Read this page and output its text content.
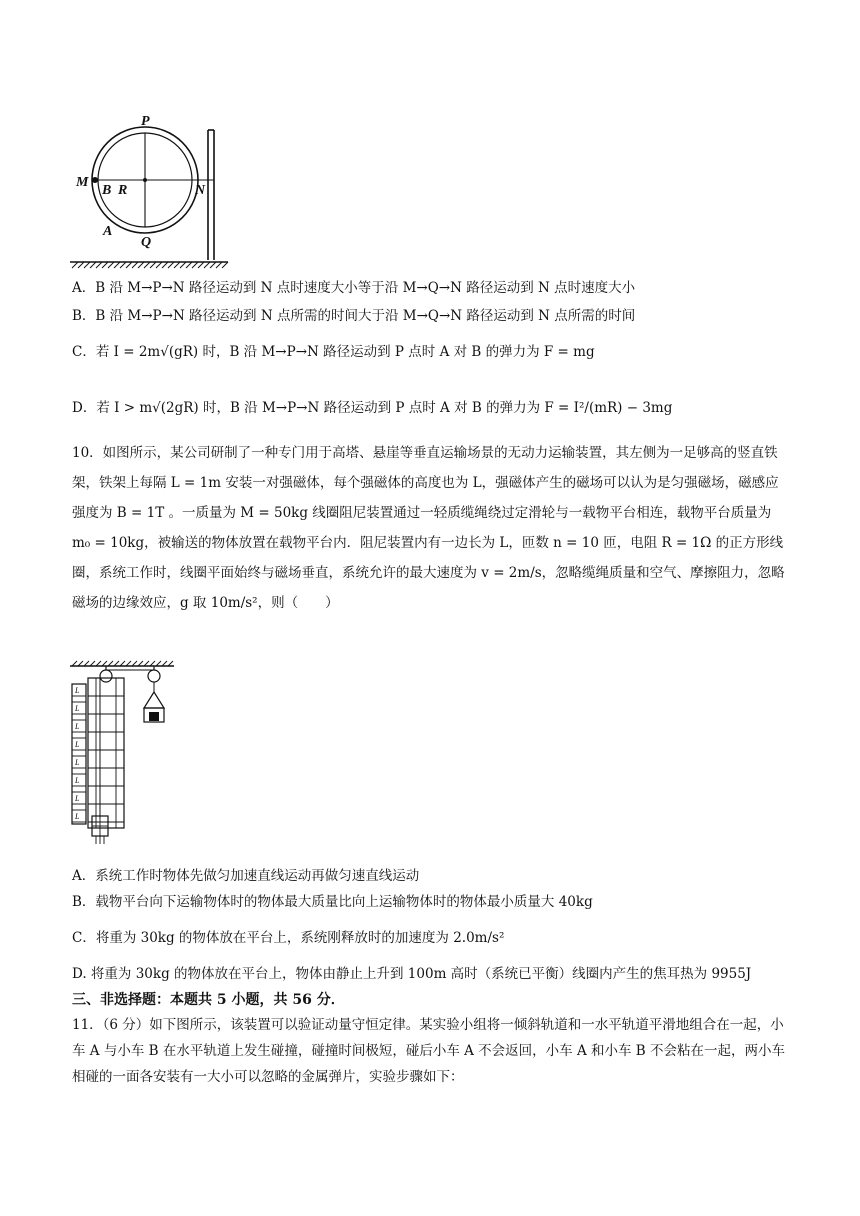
P
M
B R	N
A
Q
A．B 沿 M→P→N 路径运动到 N 点时速度大小等于沿 M→Q→N 路径运动到 N 点时速度大小
B．B 沿 M→P→N 路径运动到 N 点所需的时间大于沿 M→Q→N 路径运动到 N 点所需的时间
C．若 I = 2m√(gR) 时，B 沿 M→P→N 路径运动到 P 点时 A 对 B 的弹力为 F = mg
D．若 I > m√(2gR) 时，B 沿 M→P→N 路径运动到 P 点时 A 对 B 的弹力为 F = I²/(mR) − 3mg
10．如图所示，某公司研制了一种专门用于高塔、悬崖等垂直运输场景的无动力运输装置，其左侧为一足够高的竖直铁架，铁架上每隔 L = 1m 安装一对强磁体，每个强磁体的高度也为 L，强磁体产生的磁场可以认为是匀强磁场，磁感应强度为 B = 1T 。一质量为 M = 50kg 线圈阻尼装置通过一轻质缆绳绕过定滑轮与一载物平台相连，载物平台质量为 m₀ = 10kg，被输送的物体放置在载物平台内．阻尼装置内有一边长为 L，匝数 n = 10 匝，电阻 R = 1Ω 的正方形线圈，系统工作时，线圈平面始终与磁场垂直，系统允许的最大速度为 v = 2m/s，忽略缆绳质量和空气、摩擦阻力，忽略磁场的边缘效应，g 取 10m/s²，则（　　）
L
L
L
L
L
L
L
L
A．系统工作时物体先做匀加速直线运动再做匀速直线运动
B．载物平台向下运输物体时的物体最大质量比向上运输物体时的物体最小质量大 40kg
C．将重为 30kg 的物体放在平台上，系统刚释放时的加速度为 2.0m/s²
D. 将重为 30kg 的物体放在平台上，物体由静止上升到 100m 高时（系统已平衡）线圈内产生的焦耳热为 9955J
三、非选择题：本题共 5 小题，共 56 分．
11．（6 分）如下图所示，该装置可以验证动量守恒定律。某实验小组将一倾斜轨道和一水平轨道平滑地组合在一起，小车 A 与小车 B 在水平轨道上发生碰撞，碰撞时间极短，碰后小车 A 不会返回，小车 A 和小车 B 不会粘在一起，两小车相碰的一面各安装有一大小可以忽略的金属弹片，实验步骤如下：
